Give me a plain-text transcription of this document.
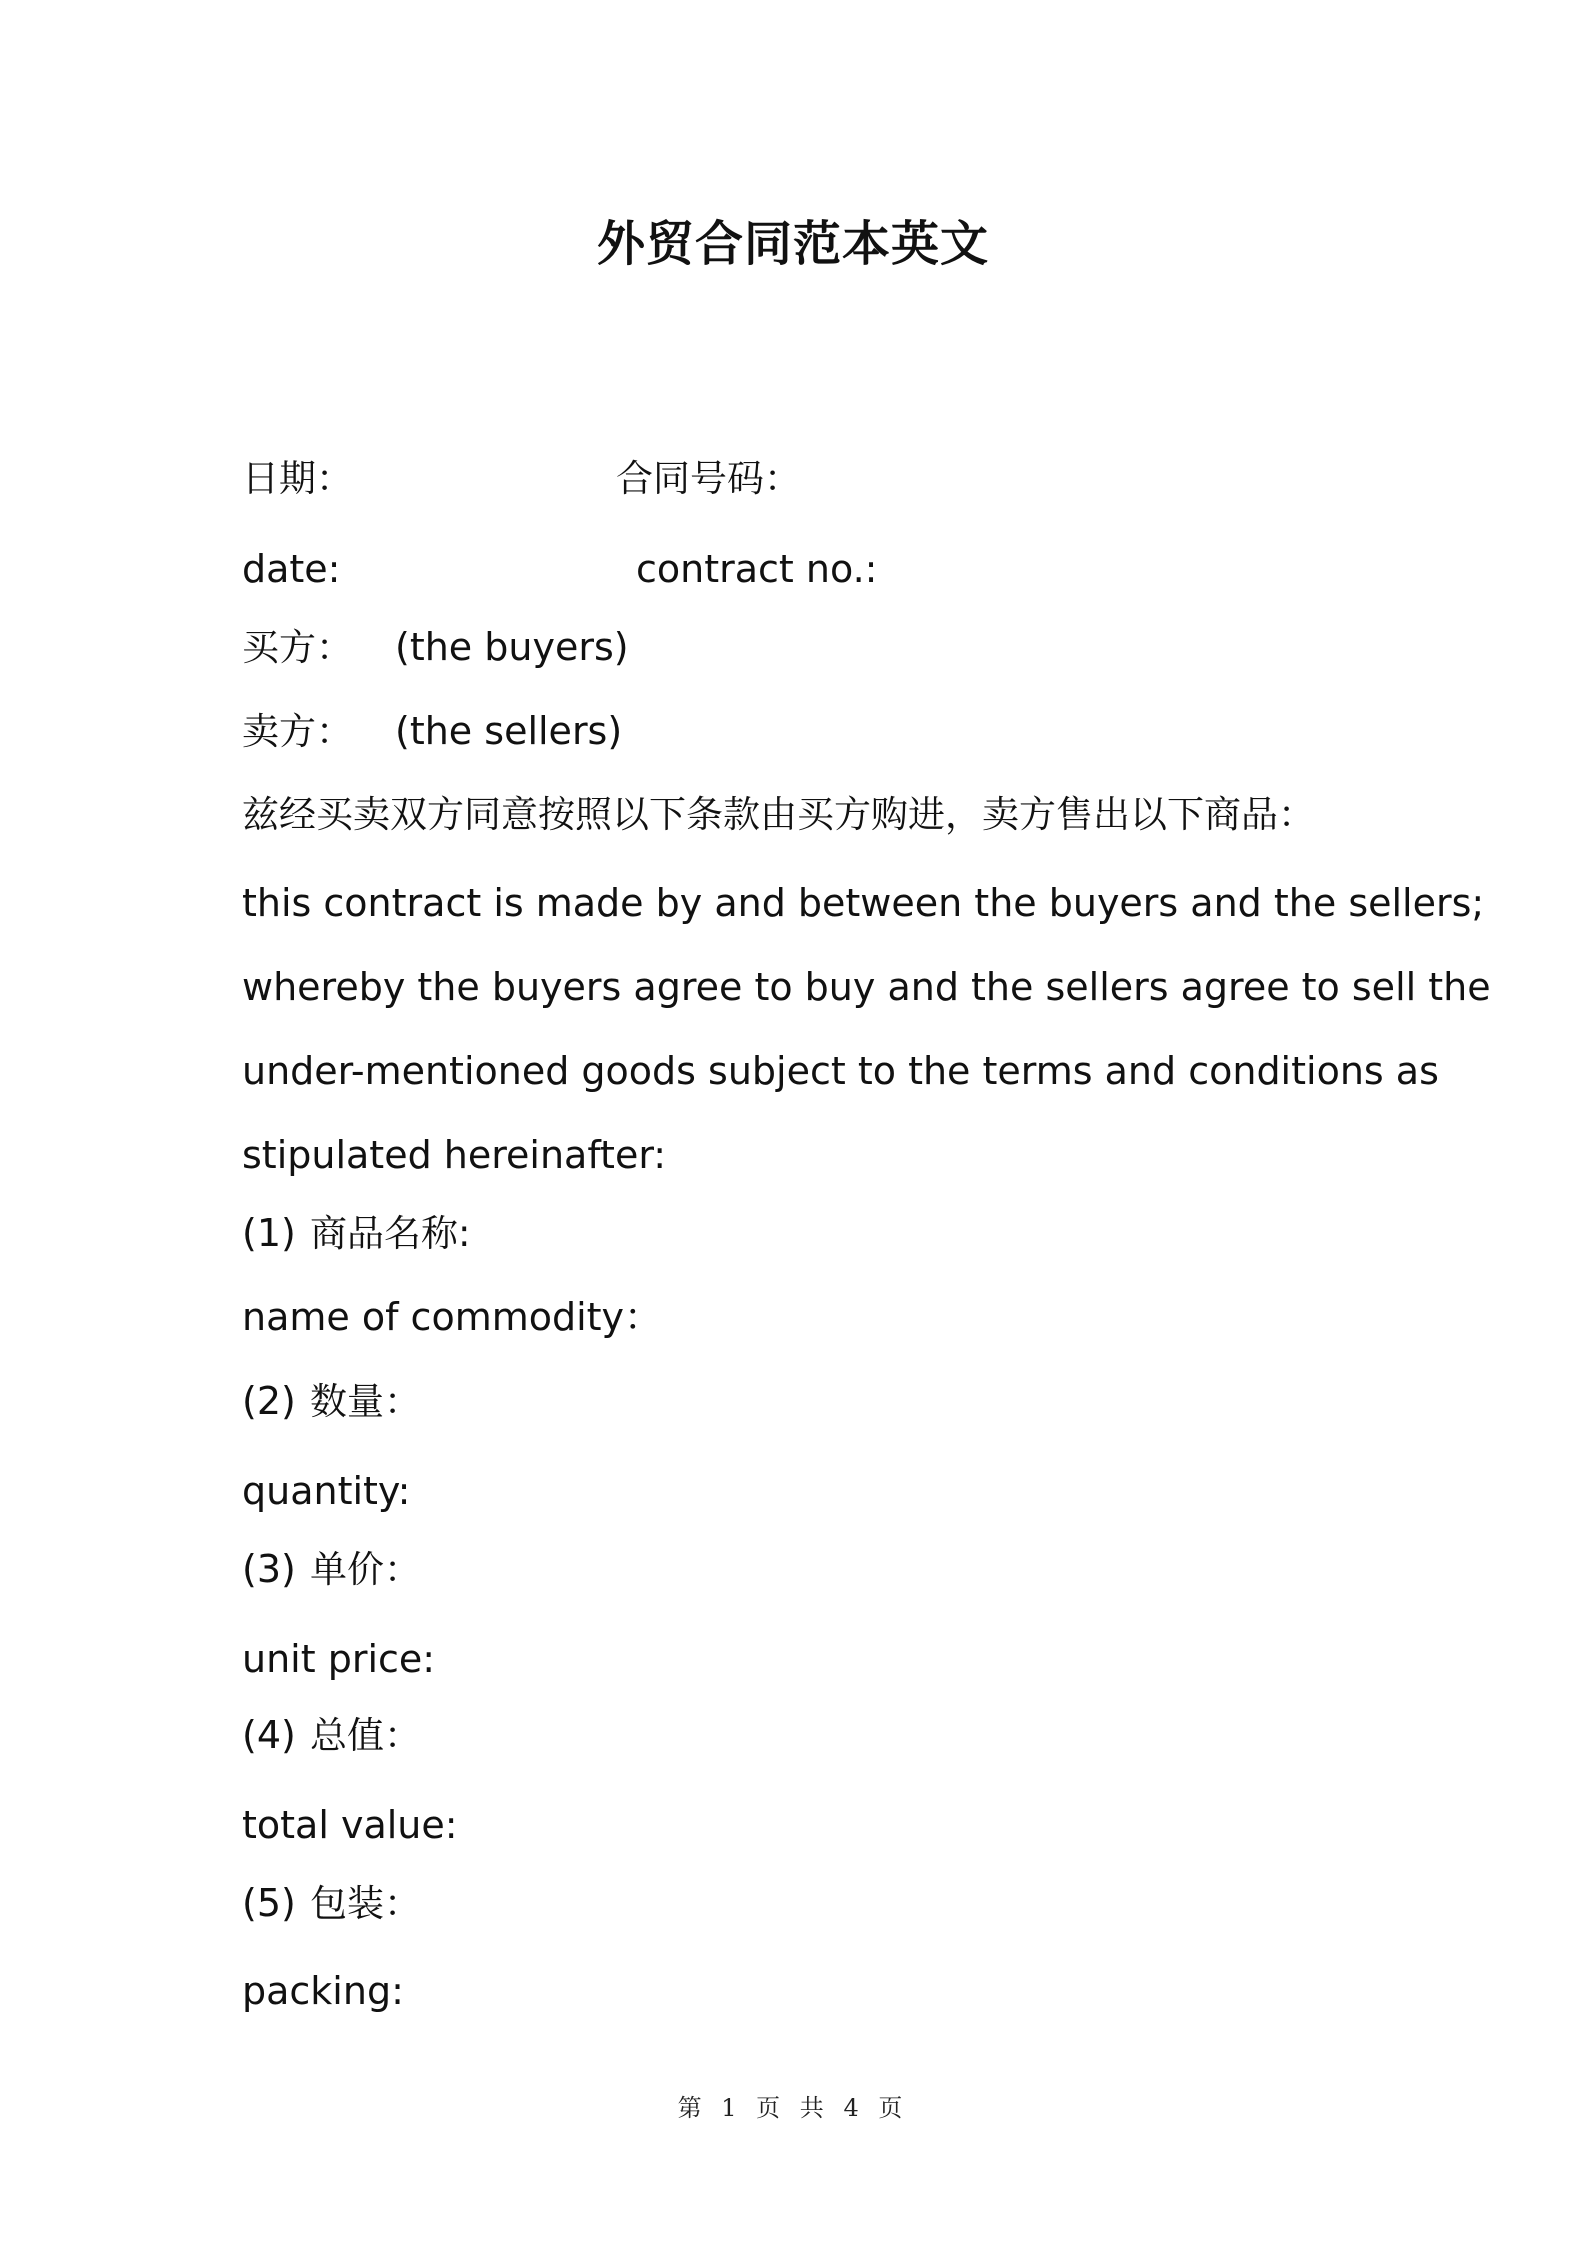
外贸合同范本英文
日期：	合同号码：
date:	contract no.:
买方： (the buyers)
卖方： (the sellers)
兹经买卖双方同意按照以下条款由买方购进，卖方售出以下商品：
this contract is made by and between the buyers and the sellers;
whereby the buyers agree to buy and the sellers agree to sell the
under-mentioned goods subject to the terms and conditions as
stipulated hereinafter:
(1) 商品名称:
name of commodity：
(2) 数量：
quantity:
(3) 单价：
unit price:
(4) 总值：
total value:
(5) 包装：
packing:
第 1 页 共 4 页
